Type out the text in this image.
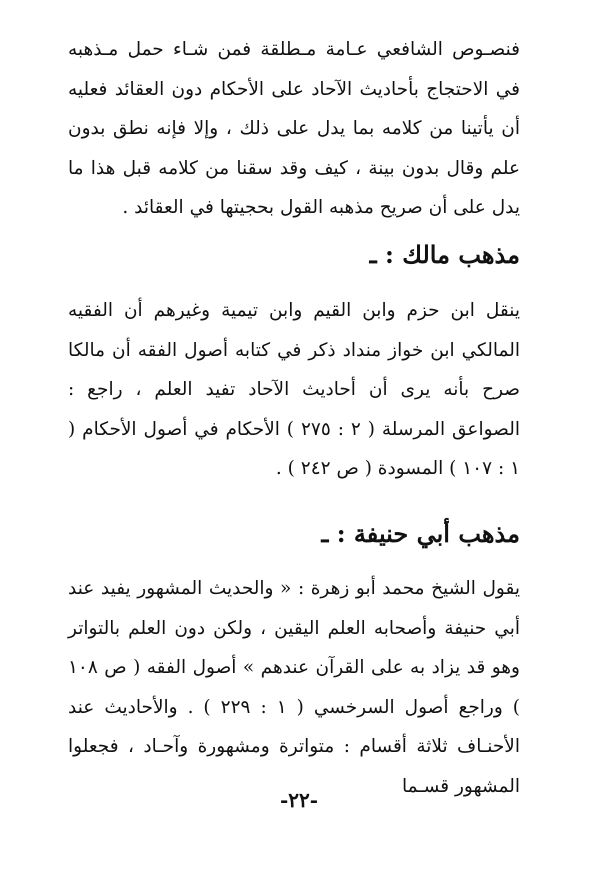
فنصـوص الشافعي عـامة مـطلقة فمن شـاء حمل مـذهبه في الاحتجاج بأحاديث الآحاد على الأحكام دون العقائد فعليه أن يأتينا من كلامه بما يدل على ذلك ، وإلا فإنه نطق بدون علم وقال بدون بينة ، كيف وقد سقنا من كلامه قبل هذا ما يدل على أن صريح مذهبه القول بحجيتها في العقائد .

مذهب مالك : ـ

ينقل ابن حزم وابن القيم وابن تيمية وغيرهم أن الفقيه المالكي ابن خواز منداد ذكر في كتابه أصول الفقه أن مالكا صرح بأنه يرى أن أحاديث الآحاد تفيد العلم ، راجع : الصواعق المرسلة ( ٢ : ٢٧٥ ) الأحكام في أصول الأحكام ( ١ : ١٠٧ ) المسودة ( ص ٢٤٢ ) .

مذهب أبي حنيفة : ـ

يقول الشيخ محمد أبو زهرة : « والحديث المشهور يفيد عند أبي حنيفة وأصحابه العلم اليقين ، ولكن دون العلم بالتواتر وهو قد يزاد به على القرآن عندهم » أصول الفقه ( ص ١٠٨ ) وراجع أصول السرخسي ( ١ : ٢٢٩ ) . والأحاديث عند الأحنـاف ثلاثة أقسام : متواترة ومشهورة وآحـاد ، فجعلوا المشهور قسـما

-٢٢-
